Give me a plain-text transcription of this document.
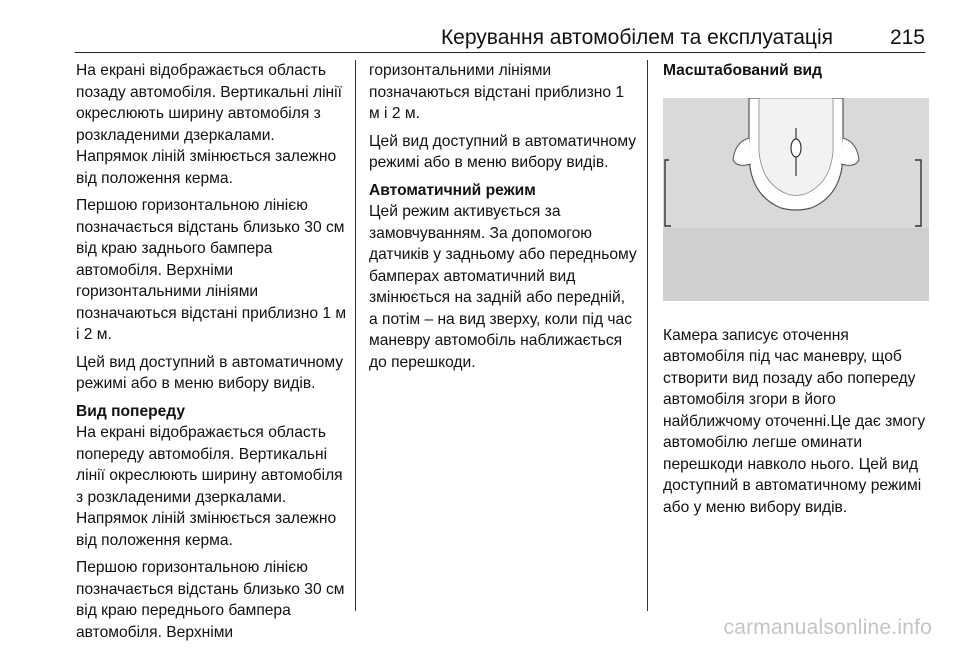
Керування автомобілем та експлуатація	215

На екрані відображається область позаду автомобіля. Вертикальні лінії окреслюють ширину автомобіля з розкладеними дзеркалами. Напрямок ліній змінюється залежно від положення керма.

Першою горизонтальною лінією позначається відстань близько 30 см від краю заднього бампера автомобіля. Верхніми горизонтальними лініями позначаються відстані приблизно 1 м і 2 м.

Цей вид доступний в автоматичному режимі або в меню вибору видів.

Вид попереду

На екрані відображається область попереду автомобіля. Вертикальні лінії окреслюють ширину автомобіля з розкладеними дзеркалами. Напрямок ліній змінюється залежно від положення керма.

Першою горизонтальною лінією позначається відстань близько 30 см від краю переднього бампера автомобіля. Верхніми

горизонтальними лініями позначаються відстані приблизно 1 м і 2 м.

Цей вид доступний в автоматичному режимі або в меню вибору видів.

Автоматичний режим

Цей режим активується за замовчуванням. За допомогою датчиків у задньому або передньому бамперах автоматичний вид змінюється на задній або передній, а потім – на вид зверху, коли під час маневру автомобіль наближається до перешкоди.

Масштабований вид

Камера записує оточення автомобіля під час маневру, щоб створити вид позаду або попереду автомобіля згори в його найближчому оточенні.Це дає змогу автомобілю легше оминати перешкоди навколо нього. Цей вид доступний в автоматичному режимі або у меню вибору видів.

carmanualsonline.info
